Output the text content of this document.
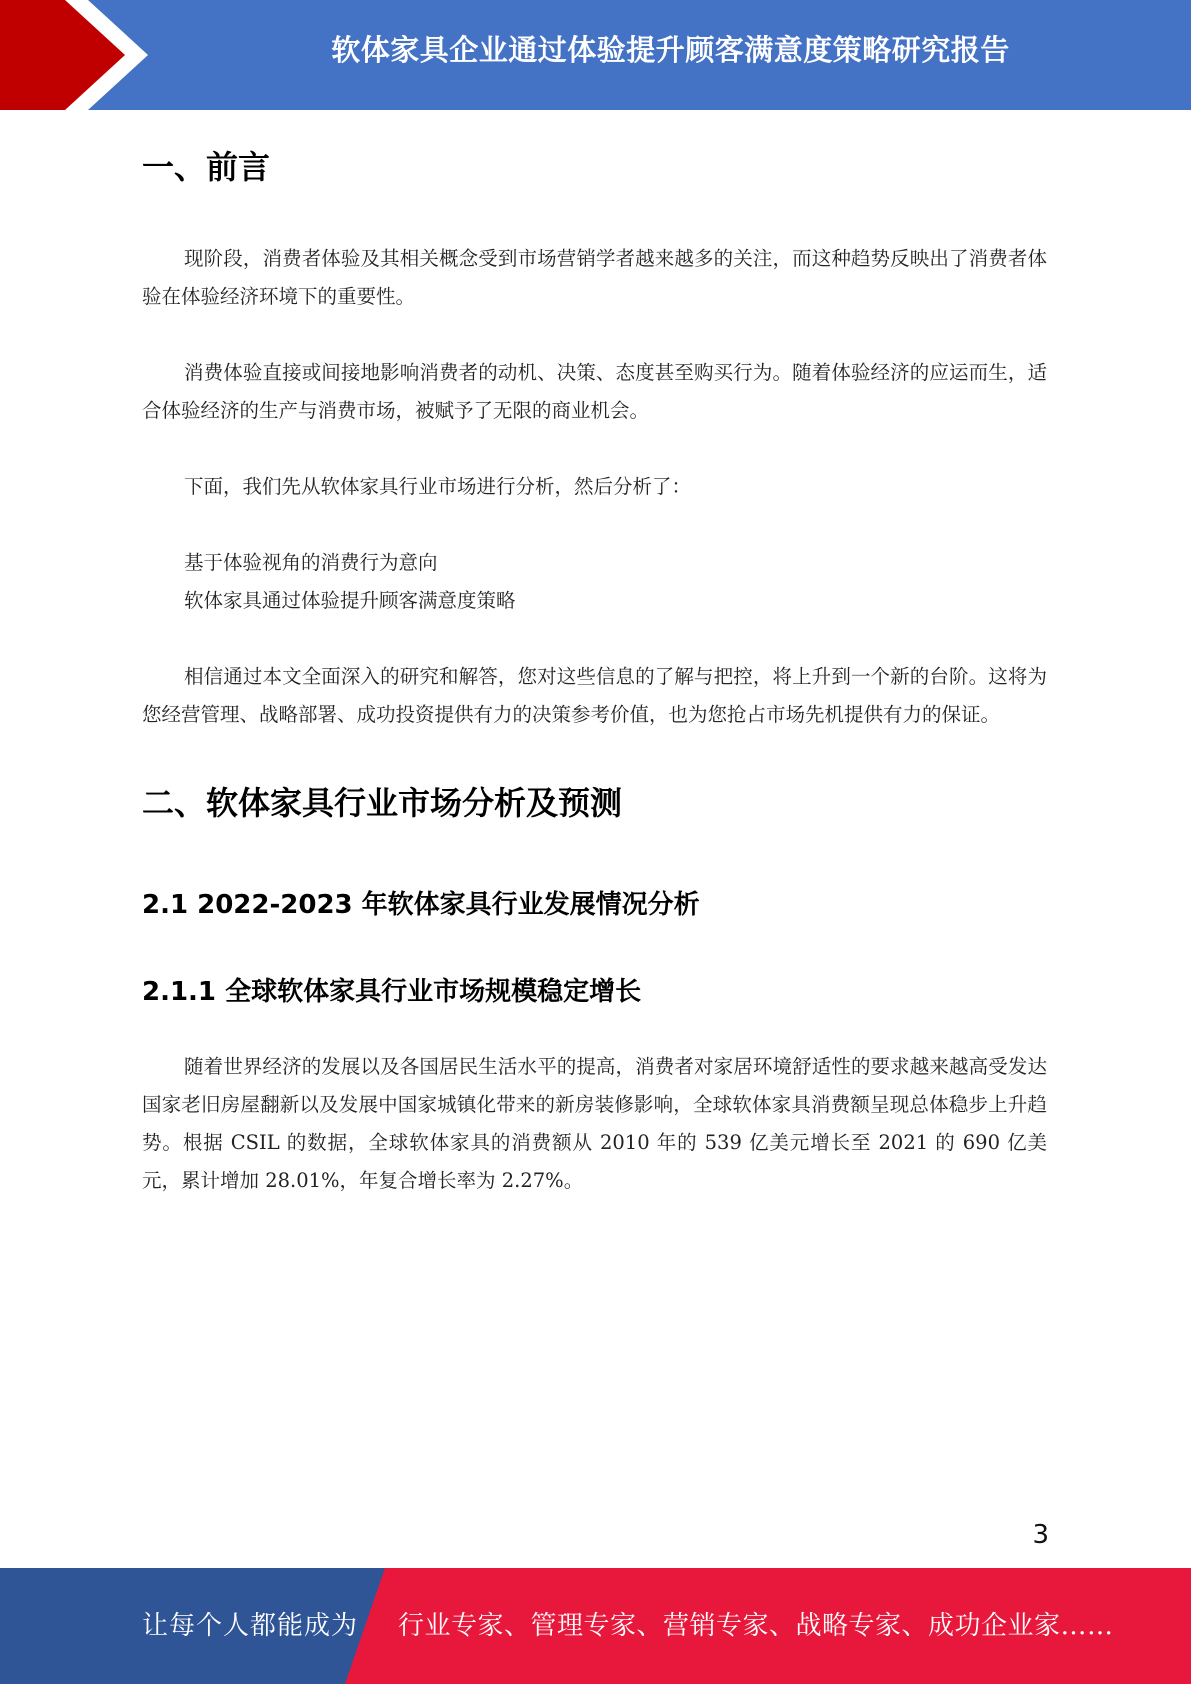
软体家具企业通过体验提升顾客满意度策略研究报告
一、前言

现阶段，消费者体验及其相关概念受到市场营销学者越来越多的关注，而这种趋势反映出了消费者体验在体验经济环境下的重要性。

消费体验直接或间接地影响消费者的动机、决策、态度甚至购买行为。随着体验经济的应运而生，适合体验经济的生产与消费市场，被赋予了无限的商业机会。

下面，我们先从软体家具行业市场进行分析，然后分析了：

基于体验视角的消费行为意向

软体家具通过体验提升顾客满意度策略

相信通过本文全面深入的研究和解答，您对这些信息的了解与把控，将上升到一个新的台阶。这将为您经营管理、战略部署、成功投资提供有力的决策参考价值，也为您抢占市场先机提供有力的保证。

二、软体家具行业市场分析及预测
2.1 2022-2023 年软体家具行业发展情况分析
2.1.1 全球软体家具行业市场规模稳定增长

随着世界经济的发展以及各国居民生活水平的提高，消费者对家居环境舒适性的要求越来越高受发达国家老旧房屋翻新以及发展中国家城镇化带来的新房装修影响，全球软体家具消费额呈现总体稳步上升趋势。根据 CSIL 的数据，全球软体家具的消费额从 2010 年的 539 亿美元增长至 2021 的 690 亿美元，累计增加 28.01%，年复合增长率为 2.27%。

3
让每个人都能成为 行业专家、管理专家、营销专家、战略专家、成功企业家……
